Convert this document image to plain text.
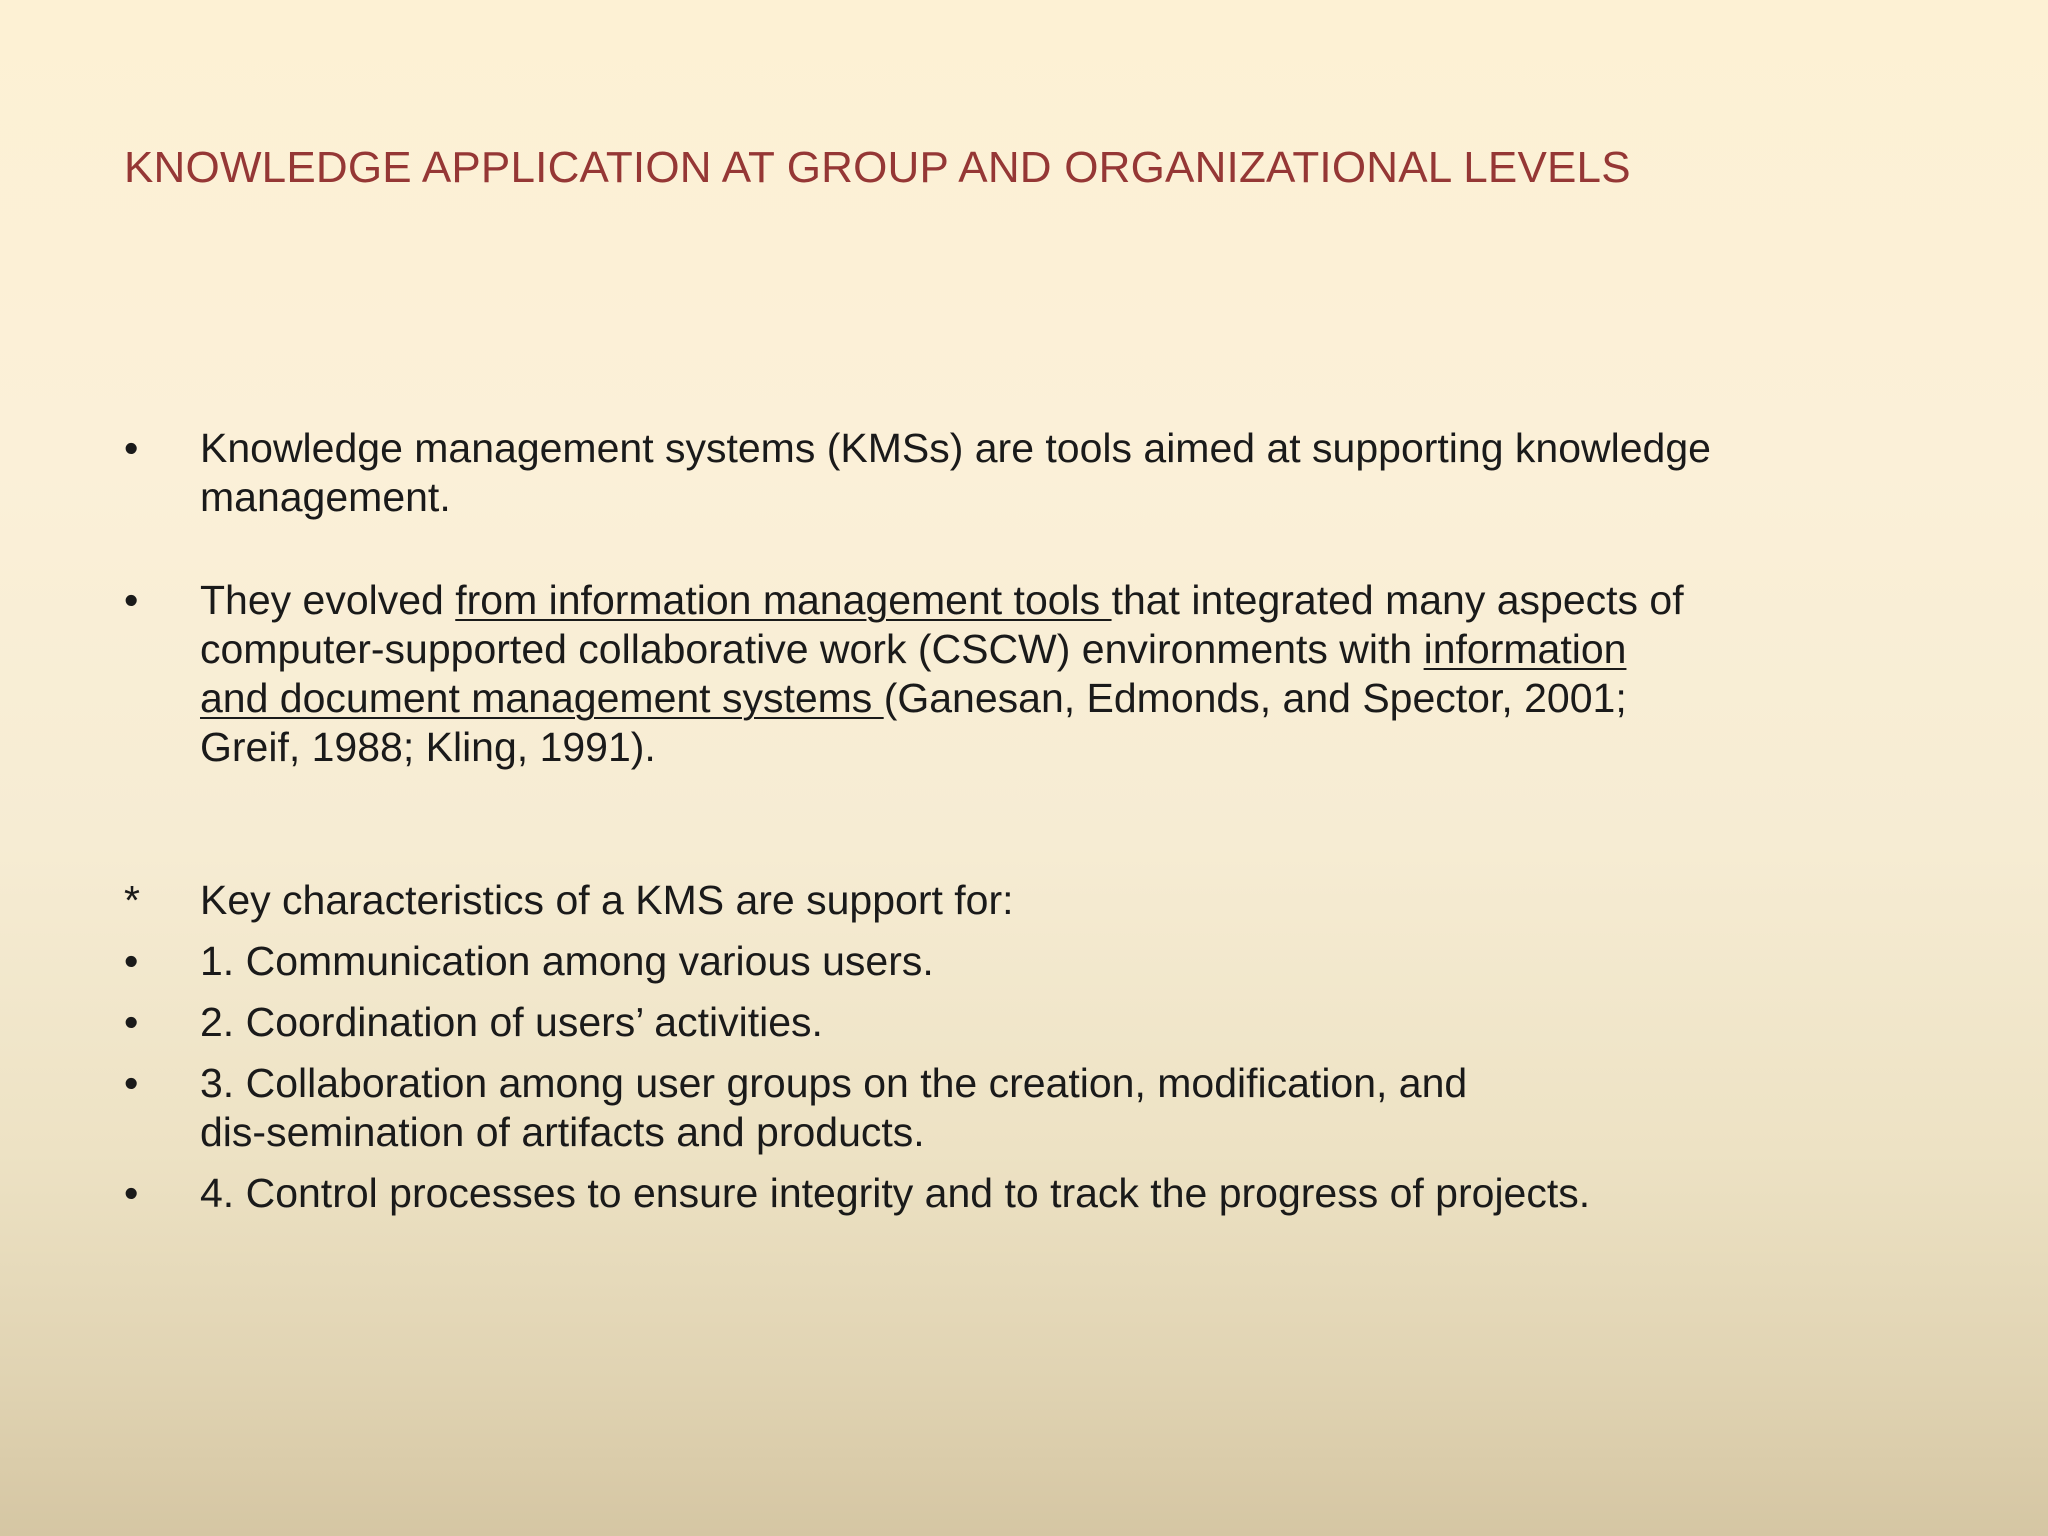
KNOWLEDGE APPLICATION AT GROUP AND ORGANIZATIONAL LEVELS
•	Knowledge management systems (KMSs) are tools aimed at supporting knowledge
management.
•	They evolved from information management tools that integrated many aspects of
computer-supported collaborative work (CSCW) environments with information
and document management systems (Ganesan, Edmonds, and Spector, 2001;
Greif, 1988; Kling, 1991).
*	Key characteristics of a KMS are support for:
•	1. Communication among various users.
•	2. Coordination of users’ activities.
•	3. Collaboration among user groups on the creation, modification, and
dis-semination of artifacts and products.
•	4. Control processes to ensure integrity and to track the progress of projects.
